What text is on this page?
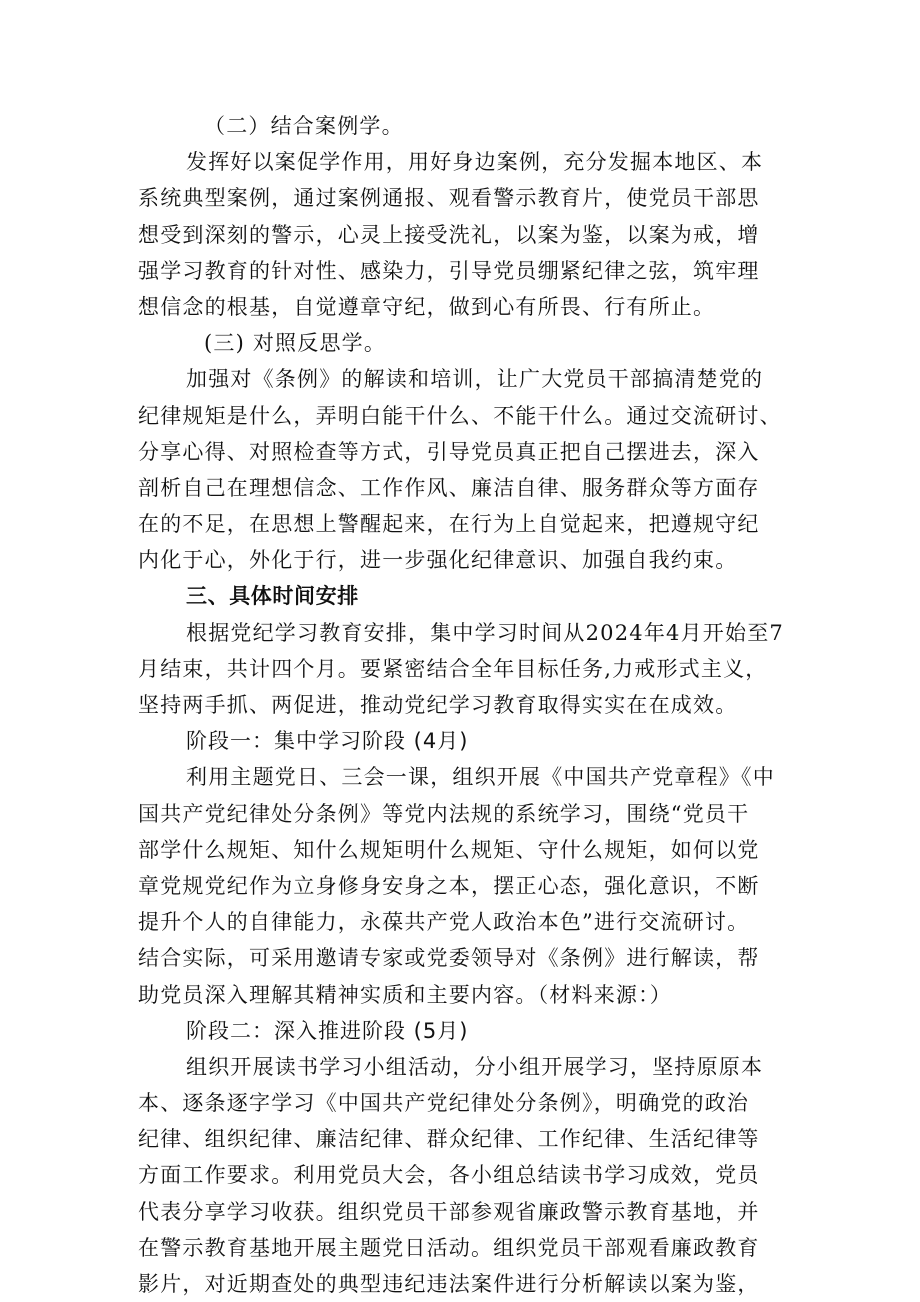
（二）结合案例学。
发挥好以案促学作用，用好身边案例，充分发掘本地区、本
系统典型案例，通过案例通报、观看警示教育片，使党员干部思
想受到深刻的警示，心灵上接受洗礼，以案为鉴，以案为戒，增
强学习教育的针对性、感染力，引导党员绷紧纪律之弦，筑牢理
想信念的根基，自觉遵章守纪，做到心有所畏、行有所止。
(三) 对照反思学。
加强对《条例》的解读和培训，让广大党员干部搞清楚党的
纪律规矩是什么，弄明白能干什么、不能干什么。通过交流研讨、
分享心得、对照检查等方式，引导党员真正把自己摆进去，深入
剖析自己在理想信念、工作作风、廉洁自律、服务群众等方面存
在的不足，在思想上警醒起来，在行为上自觉起来，把遵规守纪
内化于心，外化于行，进一步强化纪律意识、加强自我约束。
三、具体时间安排
根据党纪学习教育安排，集中学习时间从2024年4月开始至7
月结束，共计四个月。要紧密结合全年目标任务,力戒形式主义，
坚持两手抓、两促进，推动党纪学习教育取得实实在在成效。
阶段一：集中学习阶段 (4月)
利用主题党日、三会一课，组织开展《中国共产党章程》《中
国共产党纪律处分条例》等党内法规的系统学习，围绕“党员干
部学什么规矩、知什么规矩明什么规矩、守什么规矩，如何以党
章党规党纪作为立身修身安身之本，摆正心态，强化意识，不断
提升个人的自律能力，永葆共产党人政治本色”进行交流研讨。
结合实际，可采用邀请专家或党委领导对《条例》进行解读，帮
助党员深入理解其精神实质和主要内容。（材料来源：）
阶段二：深入推进阶段 (5月)
组织开展读书学习小组活动，分小组开展学习，坚持原原本
本、逐条逐字学习《中国共产党纪律处分条例》，明确党的政治
纪律、组织纪律、廉洁纪律、群众纪律、工作纪律、生活纪律等
方面工作要求。利用党员大会，各小组总结读书学习成效，党员
代表分享学习收获。组织党员干部参观省廉政警示教育基地，并
在警示教育基地开展主题党日活动。组织党员干部观看廉政教育
影片，对近期查处的典型违纪违法案件进行分析解读以案为鉴，
